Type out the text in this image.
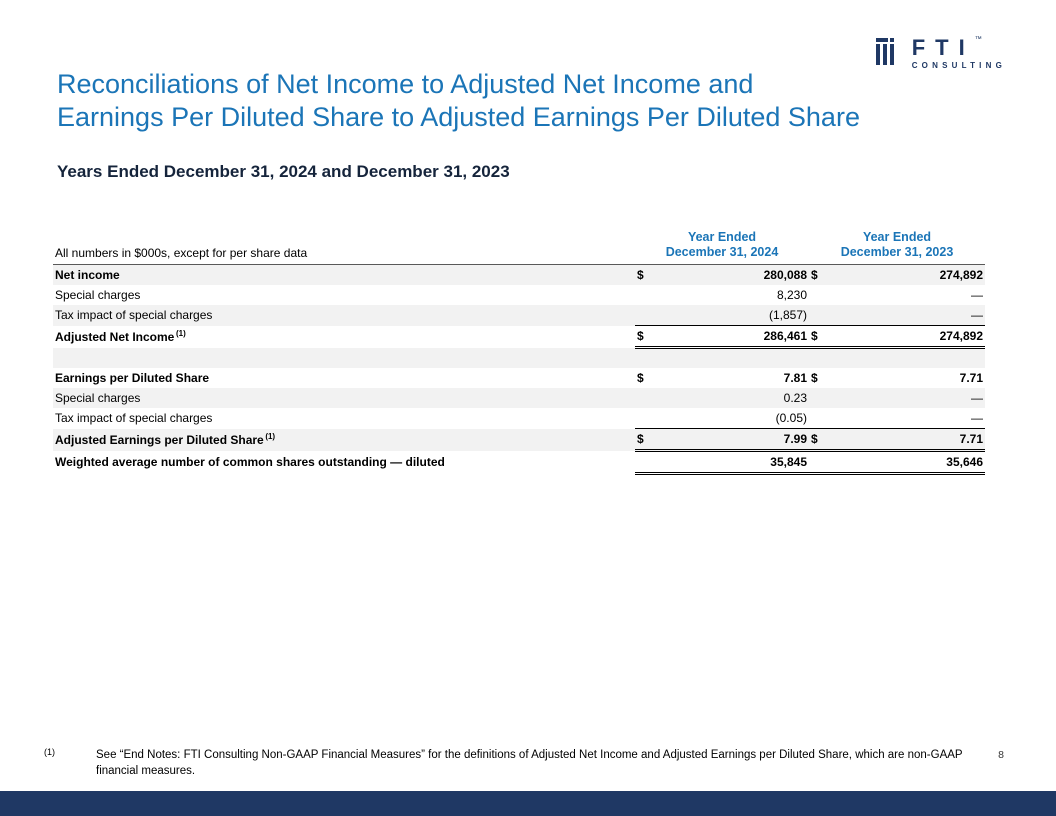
FTI ™
CONSULTING
Reconciliations of Net Income to Adjusted Net Income and
Earnings Per Diluted Share to Adjusted Earnings Per Diluted Share
Years Ended December 31, 2024 and December 31, 2023
All numbers in $000s, except for per share data	
Year Ended
December 31, 2024

Year Ended
December 31, 2023

Net income	$	280,088	$	274,892
Special charges		8,230		—
Tax impact of special charges		(1,857)		—
Adjusted Net Income $^{(1)}$	$	286,461	$	274,892

Earnings per Diluted Share	$	7.81	$	7.71
Special charges		0.23		—
Tax impact of special charges		(0.05)		—
Adjusted Earnings per Diluted Share $^{(1)}$	$	7.99	$	7.71
Weighted average number of common shares outstanding — diluted		35,845		35,646
(1)	See “End Notes: FTI Consulting Non-GAAP Financial Measures” for the definitions of Adjusted Net Income and Adjusted Earnings per Diluted Share, which are non-GAAP financial measures.
8
